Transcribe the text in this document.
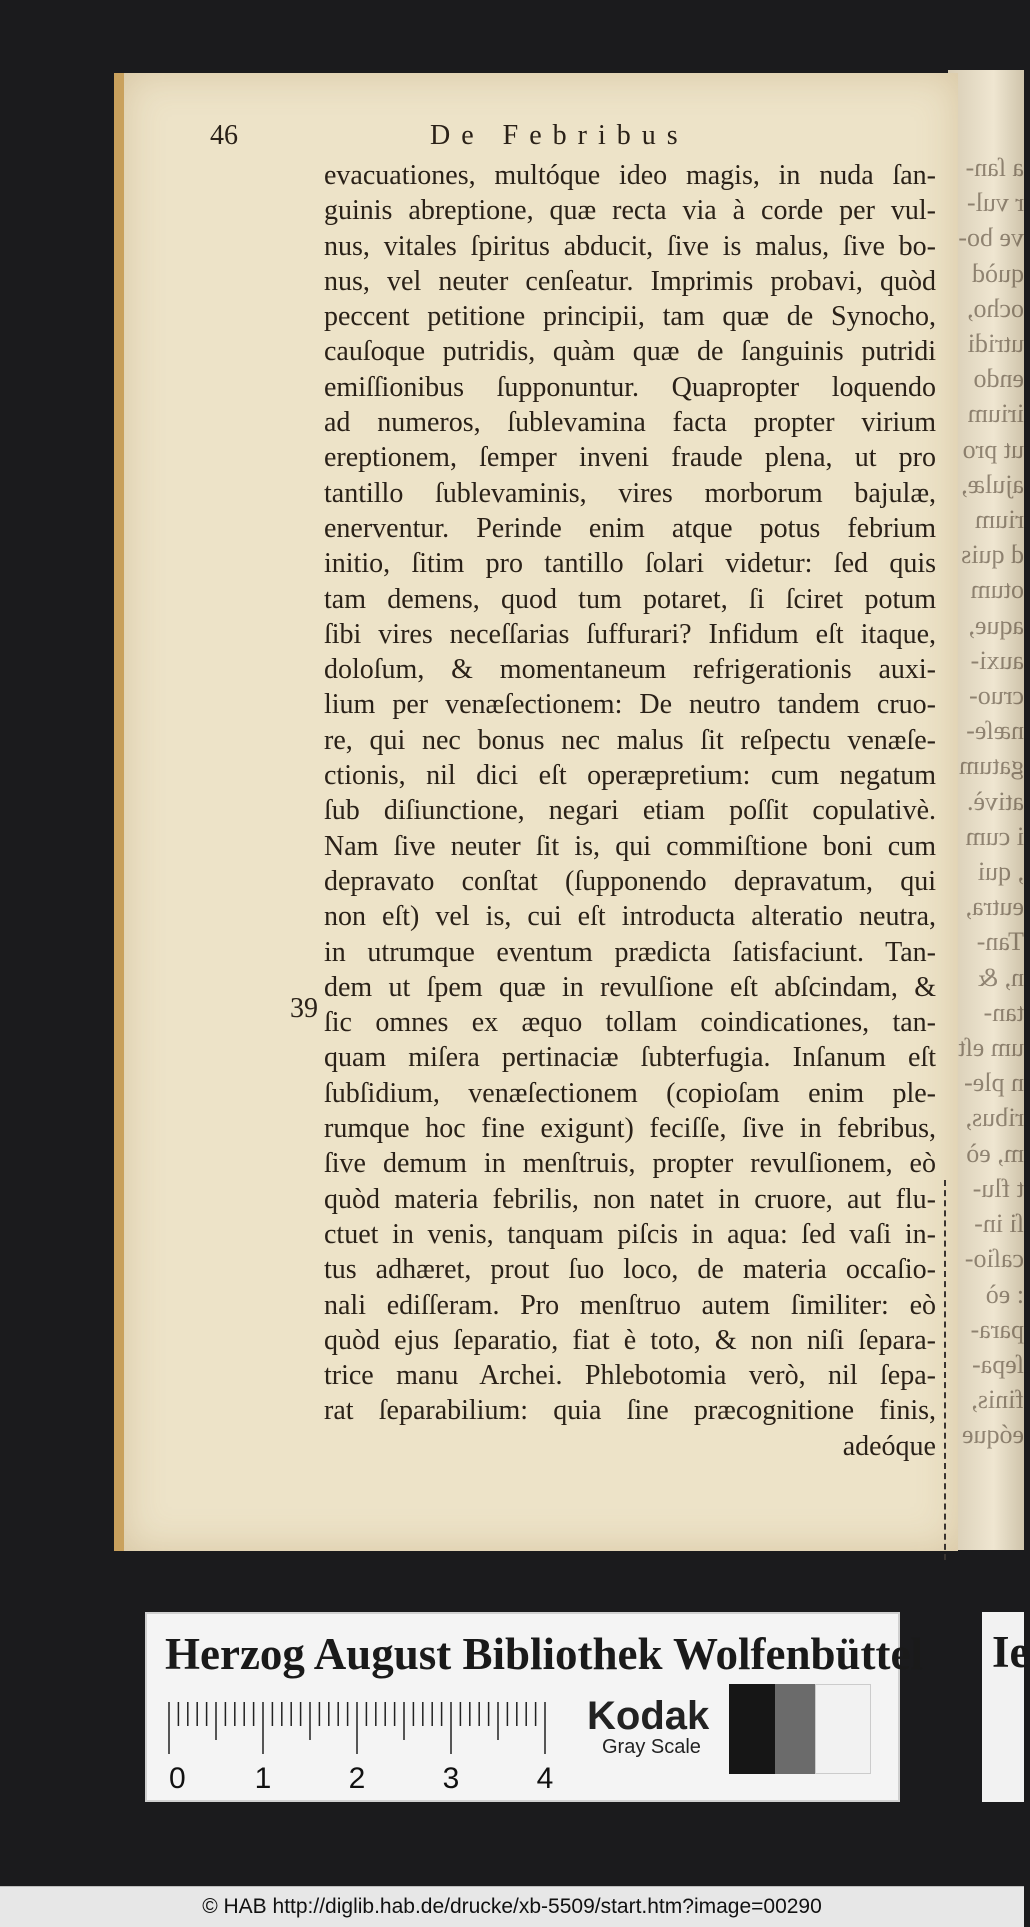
a ſan-
r vul-
ve bo-
quòd
ocho,
utridi
endo
irium
ut pro
ajulæ,
rium
d quis
otum
aque,
auxi-
cruo-
næſe-
gatum
ativè.
i cum
, qui
eutra,
Tan-
n, &
tan-
um eſt
n ple-
ribus,
m, eò
t flu-
ſi in-
caſio-
: eò
para-
ſepa-
finis,
eóque
46	De Febribus
39
evacuationes, multóque ideo magis, in nuda ſan-
guinis abreptione, quæ recta via à corde per vul-
nus, vitales ſpiritus abducit, ſive is malus, ſive bo-
nus, vel neuter cenſeatur. Imprimis probavi, quòd
peccent petitione principii, tam quæ de Synocho,
cauſoque putridis, quàm quæ de ſanguinis putridi
emiſſionibus ſupponuntur. Quapropter loquendo
ad numeros, ſublevamina facta propter virium
ereptionem, ſemper inveni fraude plena, ut pro
tantillo ſublevaminis, vires morborum bajulæ,
enerventur. Perinde enim atque potus febrium
initio, ſitim pro tantillo ſolari videtur: ſed quis
tam demens, quod tum potaret, ſi ſciret potum
ſibi vires neceſſarias ſuffurari? Infidum eſt itaque,
doloſum, & momentaneum refrigerationis auxi-
lium per venæſectionem: De neutro tandem cruo-
re, qui nec bonus nec malus ſit reſpectu venæſe-
ctionis, nil dici eſt operæpretium: cum negatum
ſub diſiunctione, negari etiam poſſit copulativè.
Nam ſive neuter ſit is, qui commiſtione boni cum
depravato conſtat (ſupponendo depravatum, qui
non eſt) vel is, cui eſt introducta alteratio neutra,
in utrumque eventum prædicta ſatisfaciunt. Tan-
dem ut ſpem quæ in revulſione eſt abſcindam, &
ſic omnes ex æquo tollam coindicationes, tan-
quam miſera pertinaciæ ſubterfugia. Inſanum eſt
ſubſidium, venæſectionem (copioſam enim ple-
rumque hoc fine exigunt) feciſſe, ſive in febribus,
ſive demum in menſtruis, propter revulſionem, eò
quòd materia febrilis, non natet in cruore, aut flu-
ctuet in venis, tanquam piſcis in aqua: ſed vaſi in-
tus adhæret, prout ſuo loco, de materia occaſio-
nali ediſſeram. Pro menſtruo autem ſimiliter: eò
quòd ejus ſeparatio, fiat è toto, & non niſi ſepara-
trice manu Archei. Phlebotomia verò, nil ſepa-
rat ſeparabilium: quia ſine præcognitione finis,
adeóque
Herzog August Bibliothek Wolfenbüttel
0 1	2	3	4
Kodak
Gray Scale
Ie
© HAB http://diglib.hab.de/drucke/xb-5509/start.htm?image=00290
